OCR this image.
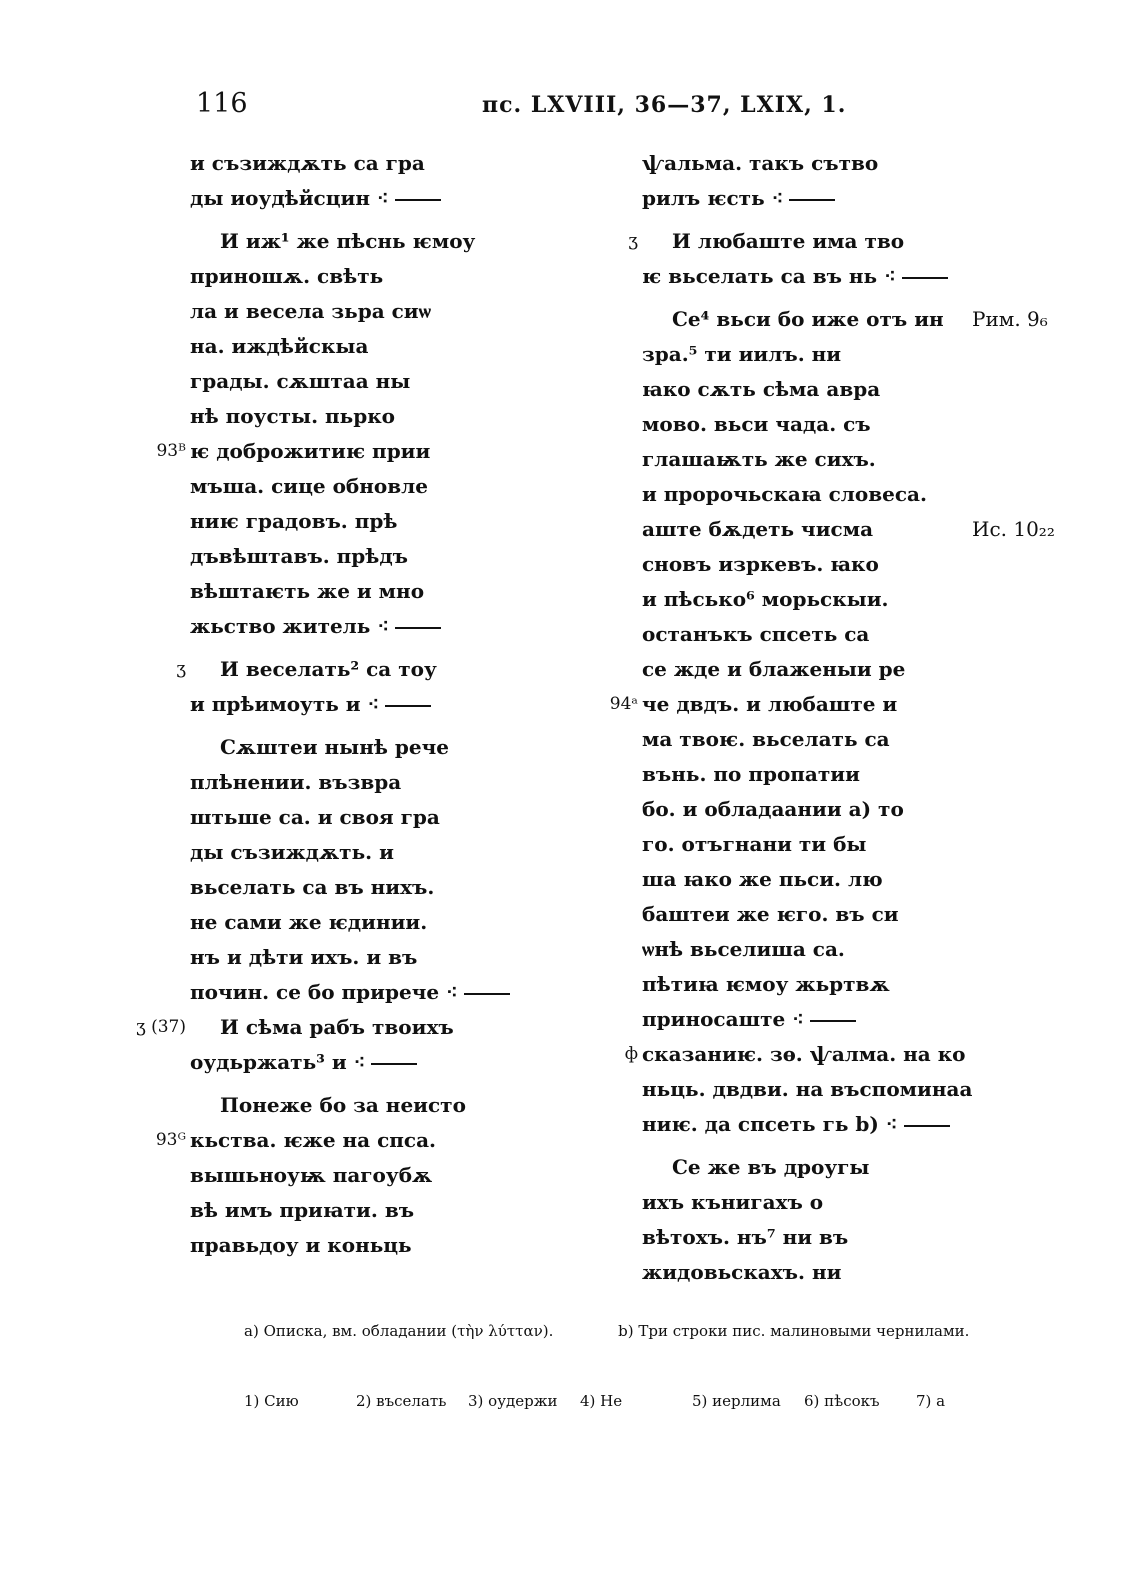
116	пс. LXVIII, 36—37, LXIX, 1.
и съзиждѫть са гра
ды иоудѣйсцин ⁖
И иж¹ же пѣснь ѥмоу
приношѫ. свѣть
ла и весела зьра сиѡ
на. иждѣйскыа
грады. сѫштаа ны
нѣ поусты. пьрко
93ᴮ ѥ доброжитиѥ прии
мъша. сице обновле
ниѥ градовъ. прѣ
дъвѣштавъ. прѣдъ
вѣштаѥть же и мно
жьство житель ⁖
ʒ И веселать² са тоу
и прѣимоуть и ⁖
Сѫштеи нынѣ рече
плѣнении. възвра
штьше са. и своя гра
ды съзиждѫть. и
вьселать са въ нихъ.
не сами же ѥдинии.
нъ и дѣти ихъ. и въ
почин. се бо прирече ⁖
ʒ (37) И сѣма рабъ твоихъ
оудьржать³ и ⁖
Понеже бо за неисто
93ᴳ кьства. ѥже на спса.
вышьноуѭ пагоубѫ
вѣ имъ приꙗти. въ
правьдоу и коньць
ѱальма. такъ сътво
рилъ ѥсть ⁖
ʒ И любаште има тво
ѥ вьселать са въ нь ⁖
Се⁴ вьси бо иже отъ ин Рим. 9₆
зра.⁵ ти иилъ. ни
ꙗко сѫть сѣма авра
мово. вьси чада. съ
глашаѭть же сихъ.
и пророчьскаꙗ словеса.
аште бѫдеть чисма	Ис. 10₂₂
сновъ изркевъ. ꙗко
и пѣсько⁶ морьскыи.
останъкъ спсеть са
се жде и блаженыи ре
94ᵃ че двдъ. и любаште и
ма твоѥ. вьселать са
вънь. по пропатии
бо. и обладаании а) то
го. отъгнани ти бы
ша ꙗко же пьси. лю
баштеи же ѥго. въ си
ѡнѣ вьселиша са.
пѣтиꙗ ѥмоу жьртвѫ
приносаште ⁖
ф сказаниѥ. зѳ. ѱалма. на ко
ньць. двдви. на въспоминаа
ниѥ. да спсеть гь b) ⁖
Се же въ дроугы
ихъ кънигахъ о
вѣтохъ. нъ⁷ ни въ
жидовьскахъ. ни
a) Описка, вм. обладании (τὴν λύτταν).	b) Три строки пис. малиновыми чернилами.
1) Сию	2) въселать	3) оудержи	4) Не	5) иерлима	6) пѣсокъ	7) а
